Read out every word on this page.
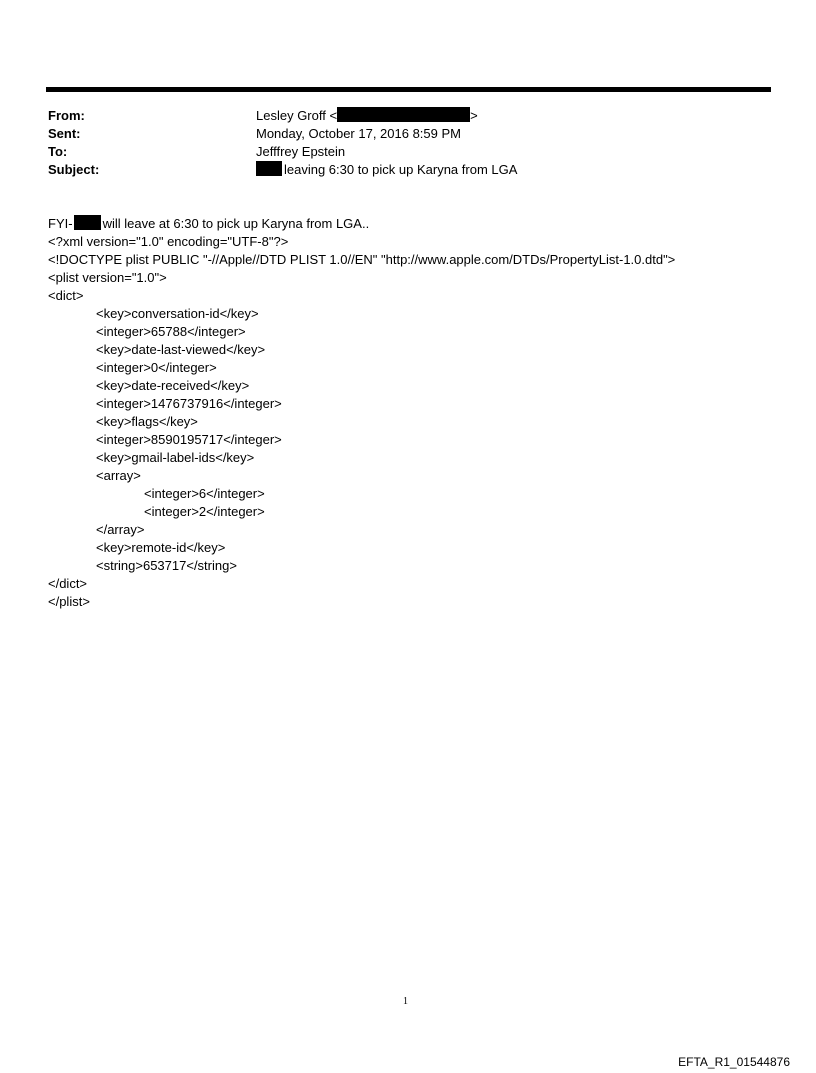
From:	Lesley Groff <	>
Sent:	Monday, October 17, 2016 8:59 PM
To:	Jefffrey Epstein
Subject:	leaving 6:30 to pick up Karyna from LGA
FYI- will leave at 6:30 to pick up Karyna from LGA..
<?xml version="1.0" encoding="UTF-8"?>
<!DOCTYPE plist PUBLIC "-//Apple//DTD PLIST 1.0//EN" "http://www.apple.com/DTDs/PropertyList-1.0.dtd">
<plist version="1.0">
<dict>
<key>conversation-id</key>
<integer>65788</integer>
<key>date-last-viewed</key>
<integer>0</integer>
<key>date-received</key>
<integer>1476737916</integer>
<key>flags</key>
<integer>8590195717</integer>
<key>gmail-label-ids</key>
<array>
<integer>6</integer>
<integer>2</integer>
</array>
<key>remote-id</key>
<string>653717</string>
</dict>
</plist>
1
EFTA_R1_01544876
